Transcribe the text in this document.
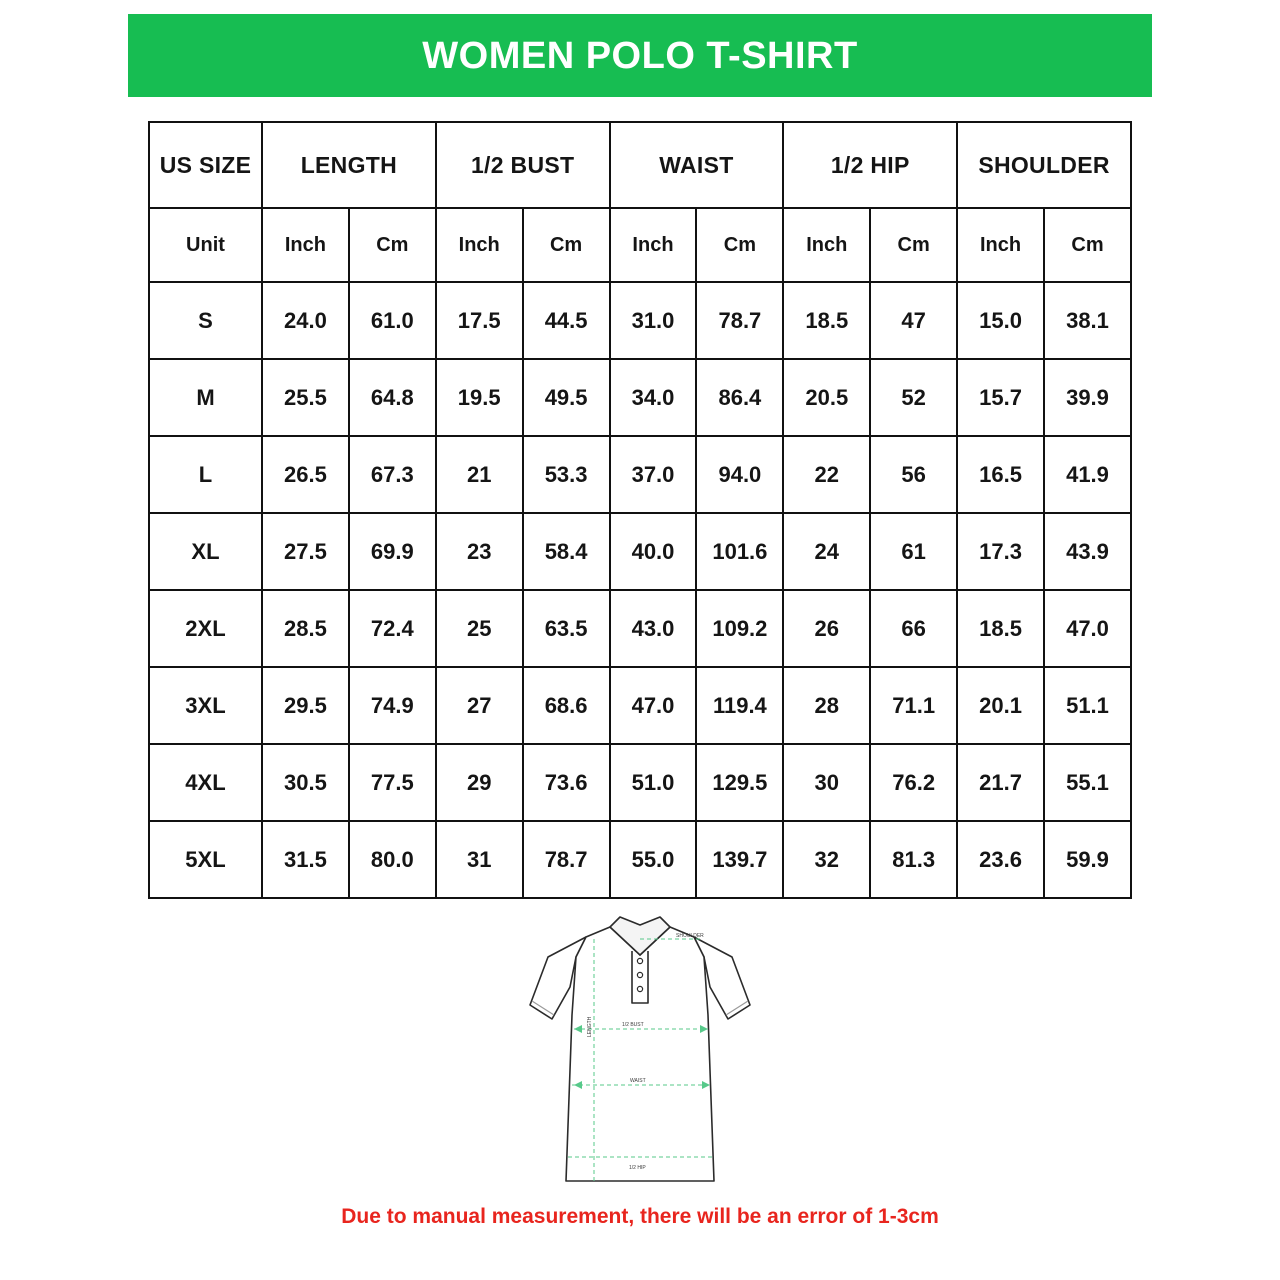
WOMEN POLO T-SHIRT
US SIZE	LENGTH		1/2 BUST		WAIST		1/2 HIP		SHOULDER	
Unit	Inch	Cm	Inch	Cm	Inch	Cm	Inch	Cm	Inch	Cm
S	24.0	61.0	17.5	44.5	31.0	78.7	18.5	47	15.0	38.1
M	25.5	64.8	19.5	49.5	34.0	86.4	20.5	52	15.7	39.9
L	26.5	67.3	21	53.3	37.0	94.0	22	56	16.5	41.9
XL	27.5	69.9	23	58.4	40.0	101.6	24	61	17.3	43.9
2XL	28.5	72.4	25	63.5	43.0	109.2	26	66	18.5	47.0
3XL	29.5	74.9	27	68.6	47.0	119.4	28	71.1	20.1	51.1
4XL	30.5	77.5	29	73.6	51.0	129.5	30	76.2	21.7	55.1
5XL	31.5	80.0	31	78.7	55.0	139.7	32	81.3	23.6	59.9
SHOULDER
LENGTH	1/2 BUST
WAIST
1/2 HIP
Due to manual measurement, there will be an error of 1-3cm
